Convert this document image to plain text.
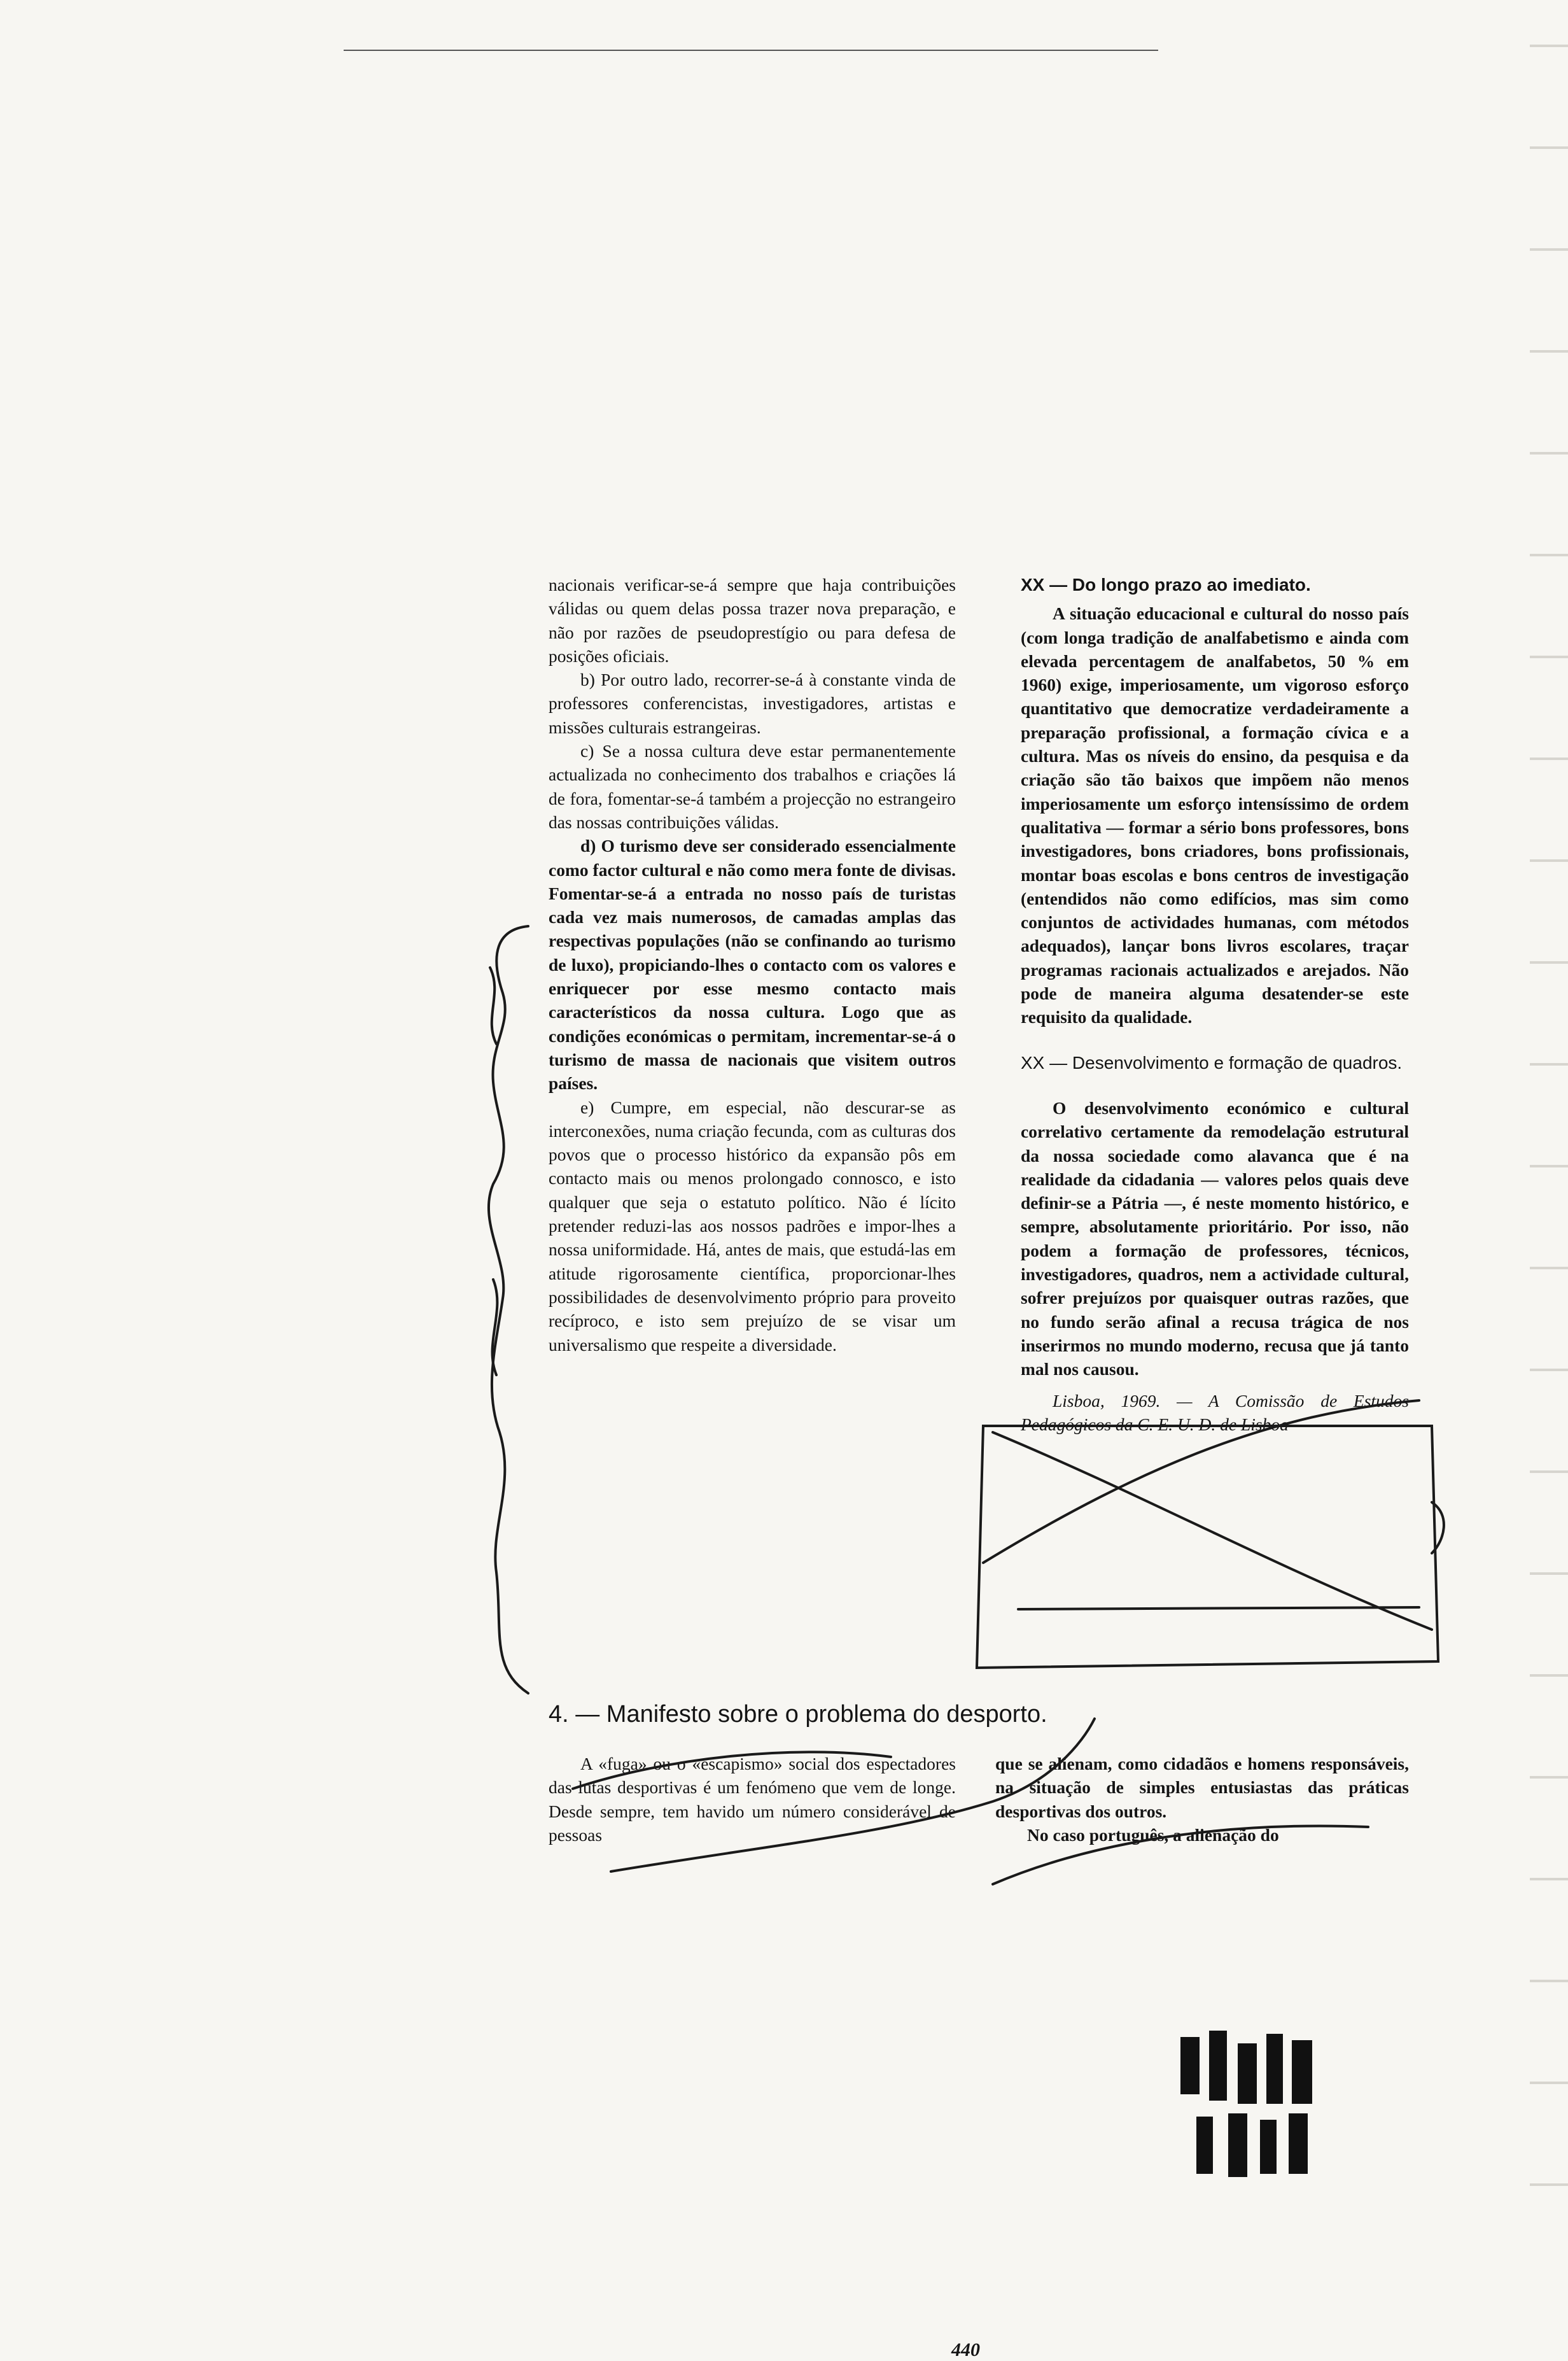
nacionais verificar-se-á sempre que haja contribuições válidas ou quem delas possa trazer nova preparação, e não por razões de pseudoprestígio ou para defesa de posições oficiais.

b) Por outro lado, recorrer-se-á à constante vinda de professores conferencistas, investigadores, artistas e missões culturais estrangeiras.

c) Se a nossa cultura deve estar permanentemente actualizada no conhecimento dos trabalhos e criações lá de fora, fomentar-se-á também a projecção no estrangeiro das nossas contribuições válidas.

d) O turismo deve ser considerado essencialmente como factor cultural e não como mera fonte de divisas. Fomentar-se-á a entrada no nosso país de turistas cada vez mais numerosos, de camadas amplas das respectivas populações (não se confinando ao turismo de luxo), propiciando-lhes o contacto com os valores e enriquecer por esse mesmo contacto mais característicos da nossa cultura. Logo que as condições económicas o permitam, incrementar-se-á o turismo de massa de nacionais que visitem outros países.

e) Cumpre, em especial, não descurar-se as interconexões, numa criação fecunda, com as culturas dos povos que o processo histórico da expansão pôs em contacto mais ou menos prolongado connosco, e isto qualquer que seja o estatuto político. Não é lícito pretender reduzi-las aos nossos padrões e impor-lhes a nossa uniformidade. Há, antes de mais, que estudá-las em atitude rigorosamente científica, proporcionar-lhes possibilidades de desenvolvimento próprio para proveito recíproco, e isto sem prejuízo de se visar um universalismo que respeite a diversidade.

XX — Do longo prazo ao imediato.

A situação educacional e cultural do nosso país (com longa tradição de analfabetismo e ainda com elevada percentagem de analfabetos, 50 % em 1960) exige, imperiosamente, um vigoroso esforço quantitativo que democratize verdadeiramente a preparação profissional, a formação cívica e a cultura. Mas os níveis do ensino, da pesquisa e da criação são tão baixos que impõem não menos imperiosamente um esforço intensíssimo de ordem qualitativa — formar a sério bons professores, bons investigadores, bons criadores, bons profissionais, montar boas escolas e bons centros de investigação (entendidos não como edifícios, mas sim como conjuntos de actividades humanas, com métodos adequados), lançar bons livros escolares, traçar programas racionais actualizados e arejados. Não pode de maneira alguma desatender-se este requisito da qualidade.

XX — Desenvolvimento e formação de quadros.

O desenvolvimento económico e cultural correlativo certamente da remodelação estrutural da nossa sociedade como alavanca que é na realidade da cidadania — valores pelos quais deve definir-se a Pátria —, é neste momento histórico, e sempre, absolutamente prioritário. Por isso, não podem a formação de professores, técnicos, investigadores, quadros, nem a actividade cultural, sofrer prejuízos por quaisquer outras razões, que no fundo serão afinal a recusa trágica de nos inserirmos no mundo moderno, recusa que já tanto mal nos causou.

Lisboa, 1969. — A Comissão de Estudos Pedagógicos da C. E. U. D. de Lisboa

4. — Manifesto sobre o problema do desporto.

A «fuga» ou o «escapismo» social dos espectadores das lutas desportivas é um fenómeno que vem de longe. Desde sempre, tem havido um número considerável de pessoas

que se alienam, como cidadãos e homens responsáveis, na situação de simples entusiastas das práticas desportivas dos outros.

No caso português, a alienação do

440
